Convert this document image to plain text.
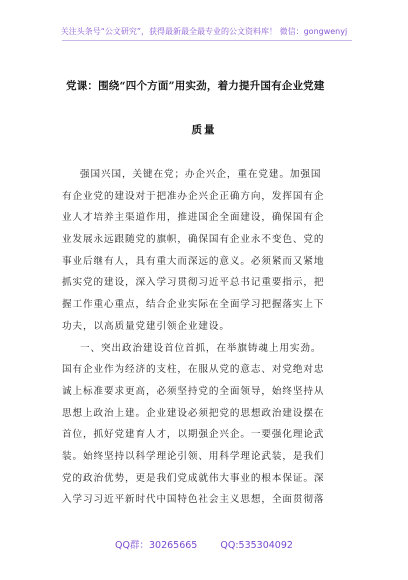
关注头条号“公文研究”，获得最新最全最专业的公文资料库！ 微信：gongwenyj
党课：围绕“四个方面”用实劲，着力提升国有企业党建
质量
强国兴国，关键在党；办企兴企，重在党建。加强国
有企业党的建设对于把准办企兴企正确方向，发挥国有企
业人才培养主渠道作用，推进国企全面建设，确保国有企
业发展永远跟随党的旗帜，确保国有企业永不变色、党的
事业后继有人，具有重大而深远的意义。必须紧而又紧地
抓实党的建设，深入学习贯彻习近平总书记重要指示，把
握工作重心重点，结合企业实际在全面学习把握落实上下
功夫，以高质量党建引领企业建设。
一、突出政治建设首位首抓，在举旗铸魂上用实劲。
国有企业作为经济的支柱，在服从党的意志、对党绝对忠
诚上标准要求更高，必须坚持党的全面领导，始终坚持从
思想上政治上建。企业建设必须把党的思想政治建设摆在
首位，抓好党建育人才，以期强企兴企。一要强化理论武
装。始终坚持以科学理论引领、用科学理论武装，是我们
党的政治优势，更是我们党成就伟大事业的根本保证。深
入学习习近平新时代中国特色社会主义思想，全面贯彻落
QQ群：30265665 QQ:535304092
